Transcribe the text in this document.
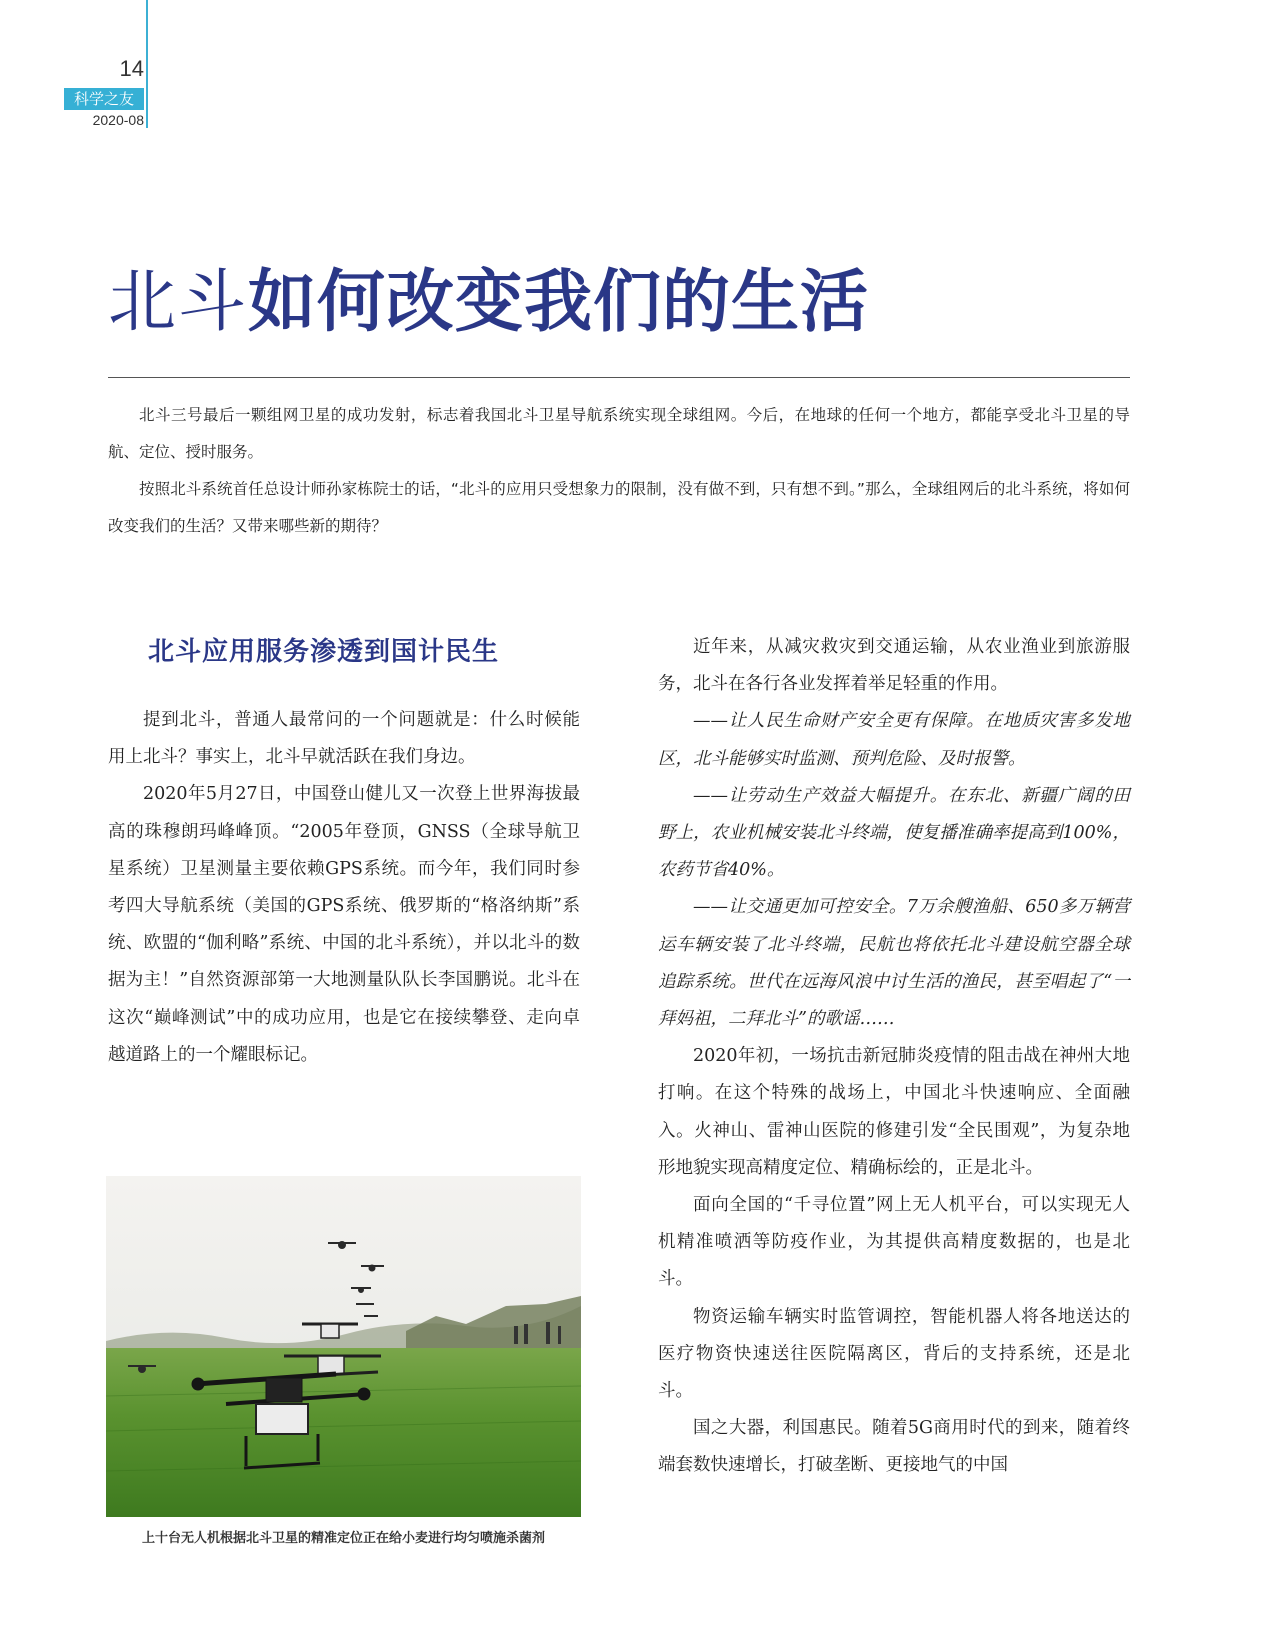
14
科学之友
2020-08
北斗如何改变我们的生活

北斗三号最后一颗组网卫星的成功发射，标志着我国北斗卫星导航系统实现全球组网。今后，在地球的任何一个地方，都能享受北斗卫星的导航、定位、授时服务。

按照北斗系统首任总设计师孙家栋院士的话，“北斗的应用只受想象力的限制，没有做不到，只有想不到。”那么，全球组网后的北斗系统，将如何改变我们的生活？又带来哪些新的期待？

北斗应用服务渗透到国计民生

提到北斗，普通人最常问的一个问题就是：什么时候能用上北斗？事实上，北斗早就活跃在我们身边。

2020年5月27日，中国登山健儿又一次登上世界海拔最高的珠穆朗玛峰峰顶。“2005年登顶，GNSS（全球导航卫星系统）卫星测量主要依赖GPS系统。而今年，我们同时参考四大导航系统（美国的GPS系统、俄罗斯的“格洛纳斯”系统、欧盟的“伽利略”系统、中国的北斗系统），并以北斗的数据为主！”自然资源部第一大地测量队队长李国鹏说。北斗在这次“巅峰测试”中的成功应用，也是它在接续攀登、走向卓越道路上的一个耀眼标记。

近年来，从减灾救灾到交通运输，从农业渔业到旅游服务，北斗在各行各业发挥着举足轻重的作用。

——让人民生命财产安全更有保障。在地质灾害多发地区，北斗能够实时监测、预判危险、及时报警。

——让劳动生产效益大幅提升。在东北、新疆广阔的田野上，农业机械安装北斗终端，使复播准确率提高到100%，农药节省40%。

——让交通更加可控安全。7万余艘渔船、650多万辆营运车辆安装了北斗终端，民航也将依托北斗建设航空器全球追踪系统。世代在远海风浪中讨生活的渔民，甚至唱起了“一拜妈祖，二拜北斗”的歌谣……

2020年初，一场抗击新冠肺炎疫情的阻击战在神州大地打响。在这个特殊的战场上，中国北斗快速响应、全面融入。火神山、雷神山医院的修建引发“全民围观”，为复杂地形地貌实现高精度定位、精确标绘的，正是北斗。

面向全国的“千寻位置”网上无人机平台，可以实现无人机精准喷洒等防疫作业，为其提供高精度数据的，也是北斗。

物资运输车辆实时监管调控，智能机器人将各地送达的医疗物资快速送往医院隔离区，背后的支持系统，还是北斗。

国之大器，利国惠民。随着5G商用时代的到来，随着终端套数快速增长，打破垄断、更接地气的中国

上十台无人机根据北斗卫星的精准定位正在给小麦进行均匀喷施杀菌剂
